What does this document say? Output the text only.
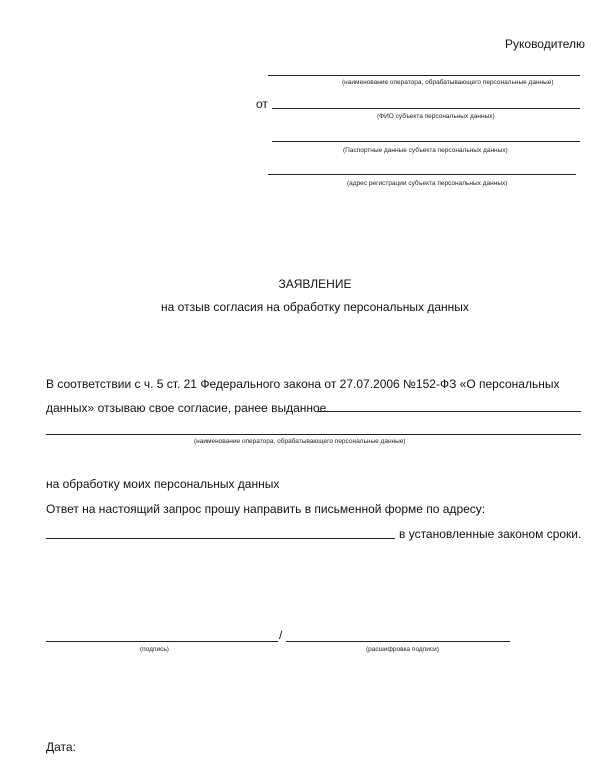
Руководителю
(наименование оператора, обрабатывающего персональные данные)
от
(ФИО субъекта персональных данных)
(Паспортные данные субъекта персональных данных)
(адрес регистрации субъекта персональных данных)
ЗАЯВЛЕНИЕ
на отзыв согласия на обработку персональных данных
В соответствии с ч. 5 ст. 21 Федерального закона от 27.07.2006 №152-ФЗ «О персональных
данных» отзываю свое согласие, ранее выданное
(наименование оператора, обрабатывающего персональные данные)
на обработку моих персональных данных
Ответ на настоящий запрос прошу направить в письменной форме по адресу:
в установленные законом сроки.
/
(подпись)	(расшифровка подписи)
Дата:
